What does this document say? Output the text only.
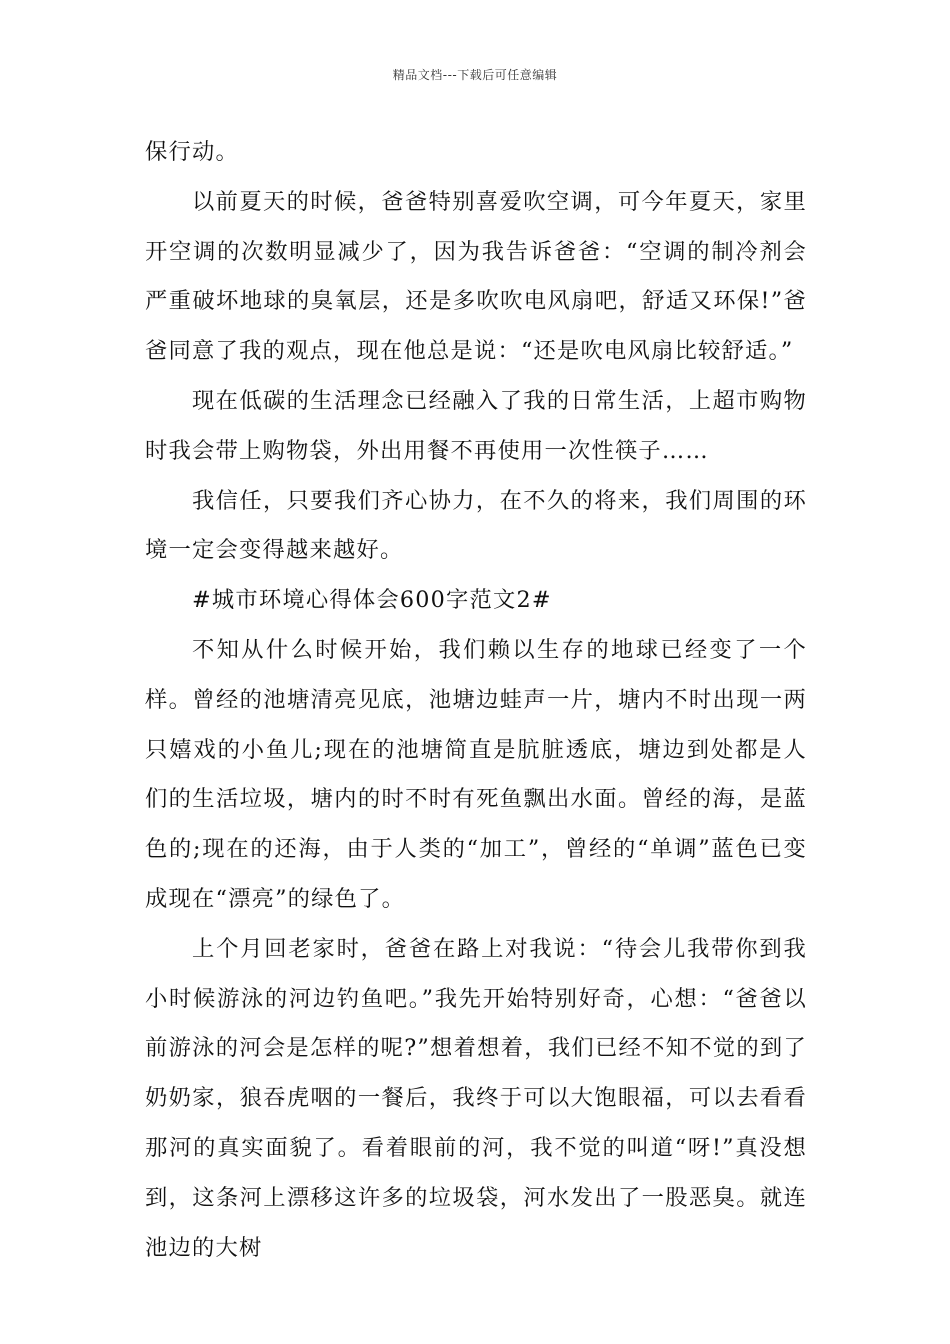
精品文档---下载后可任意编辑

保行动。

以前夏天的时候，爸爸特别喜爱吹空调，可今年夏天，家里开空调的次数明显减少了，因为我告诉爸爸：“空调的制冷剂会严重破坏地球的臭氧层，还是多吹吹电风扇吧，舒适又环保!”爸爸同意了我的观点，现在他总是说：“还是吹电风扇比较舒适。”

现在低碳的生活理念已经融入了我的日常生活，上超市购物时我会带上购物袋，外出用餐不再使用一次性筷子……

我信任，只要我们齐心协力，在不久的将来，我们周围的环境一定会变得越来越好。

#城市环境心得体会600字范文2#

不知从什么时候开始，我们赖以生存的地球已经变了一个样。曾经的池塘清亮见底，池塘边蛙声一片，塘内不时出现一两只嬉戏的小鱼儿;现在的池塘简直是肮脏透底，塘边到处都是人们的生活垃圾，塘内的时不时有死鱼飘出水面。曾经的海，是蓝色的;现在的还海，由于人类的“加工”，曾经的“单调”蓝色已变成现在“漂亮”的绿色了。

上个月回老家时，爸爸在路上对我说：“待会儿我带你到我小时候游泳的河边钓鱼吧。”我先开始特别好奇，心想：“爸爸以前游泳的河会是怎样的呢?”想着想着，我们已经不知不觉的到了奶奶家，狼吞虎咽的一餐后，我终于可以大饱眼福，可以去看看那河的真实面貌了。看着眼前的河，我不觉的叫道“呀!”真没想到，这条河上漂移这许多的垃圾袋，河水发出了一股恶臭。就连池边的大树
